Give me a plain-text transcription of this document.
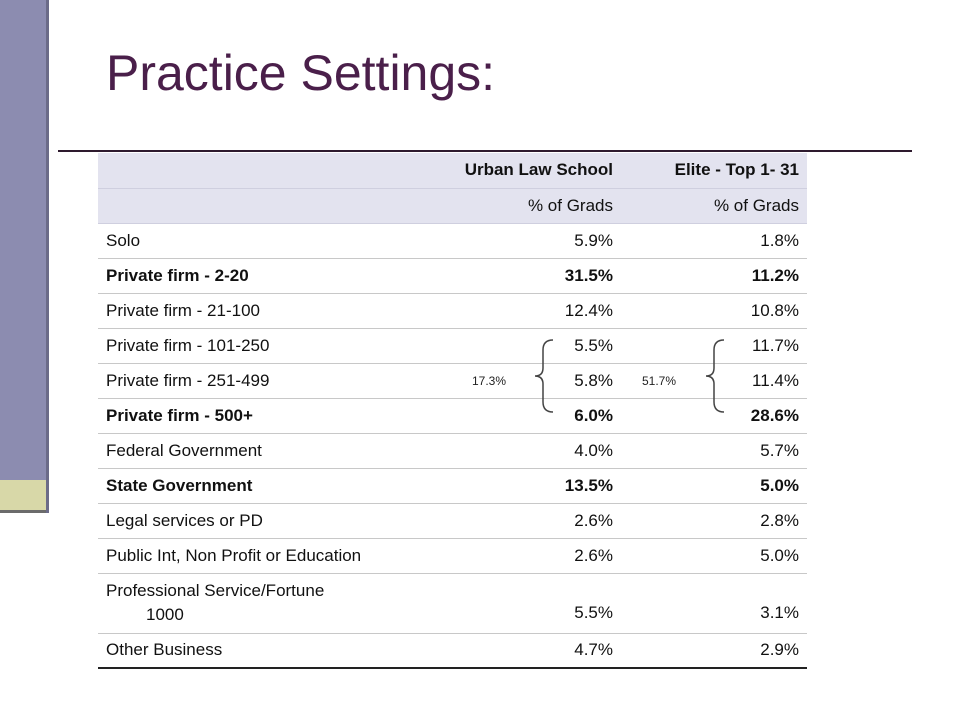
Practice Settings:
	Urban Law School	Elite - Top 1- 31
	% of Grads	% of Grads
Solo	5.9%	1.8%
Private firm - 2-20	31.5%	11.2%
Private firm - 21-100	12.4%	10.8%
Private firm - 101-250	5.5%	11.7%
Private firm - 251-499	5.8%	11.4%
Private firm - 500+	6.0%	28.6%
Federal Government	4.0%	5.7%
State Government	13.5%	5.0%
Legal services or PD	2.6%	2.8%
Public Int, Non Profit or Education	2.6%	5.0%
Professional Service/Fortune
1000	5.5%	3.1%
Other Business	4.7%	2.9%
17.3%	51.7%
